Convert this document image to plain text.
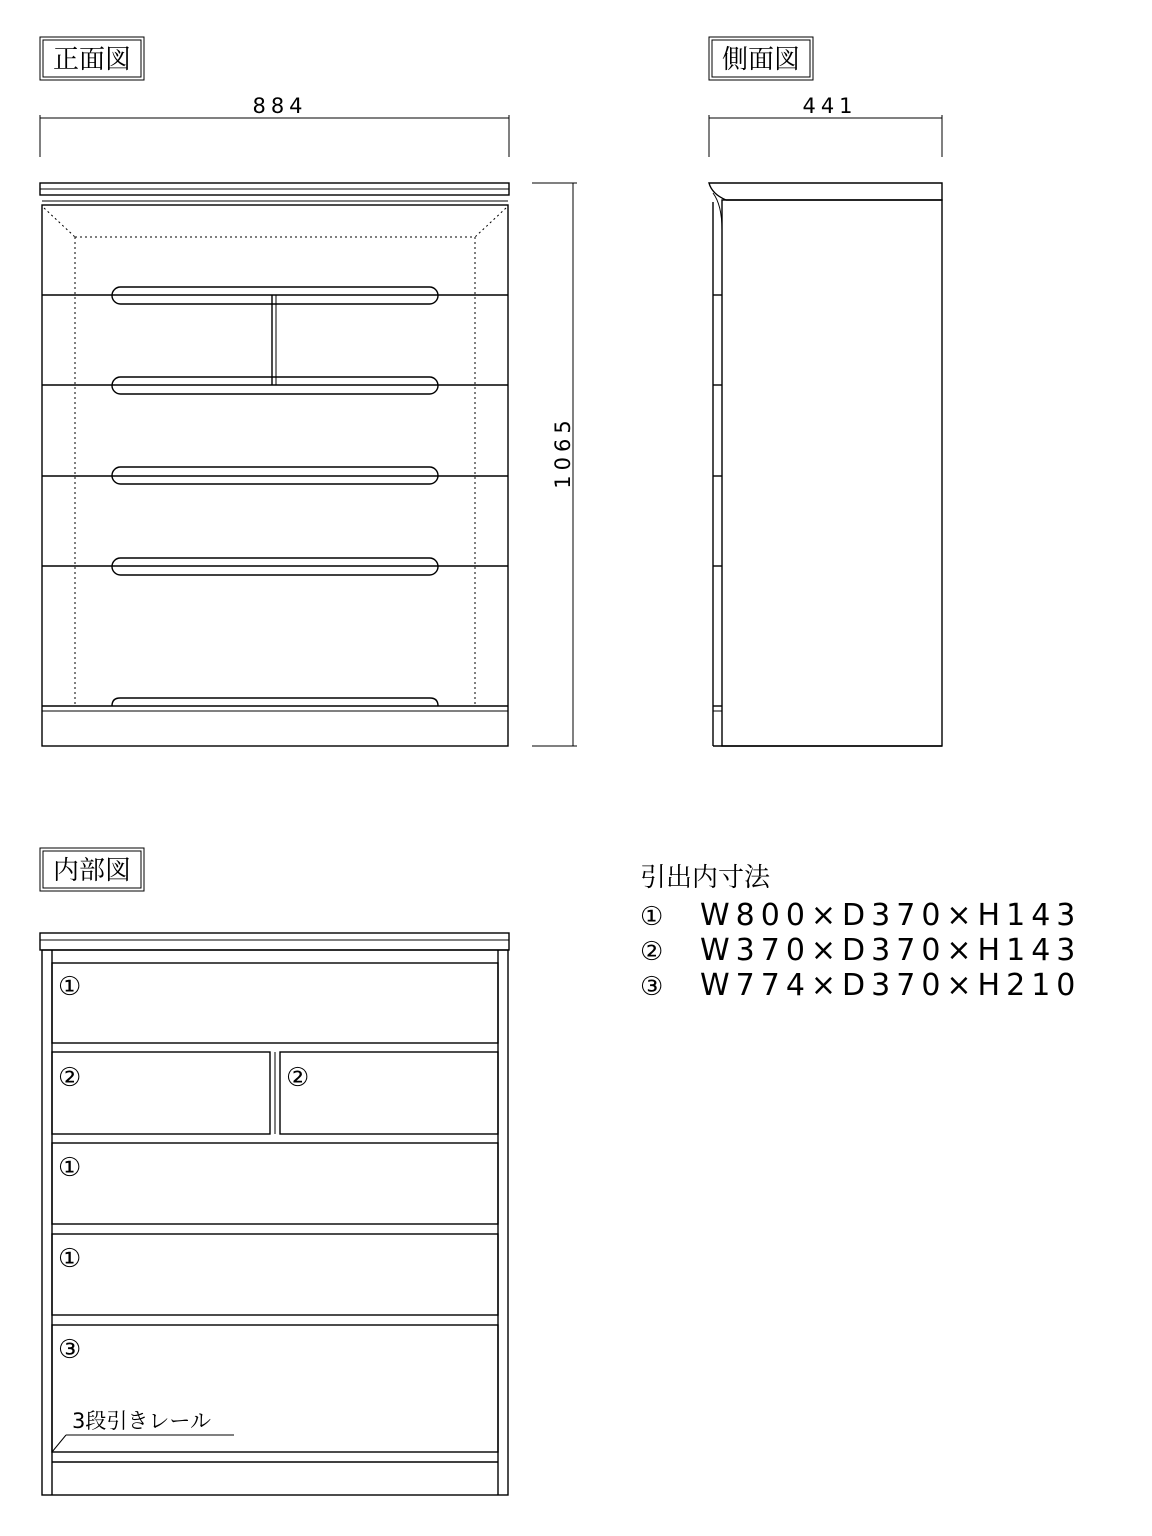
正面図
884
1065
側面図
441
内部図
①
②	②
①
①
③
3段引きレール
引出内寸法
① W800×D370×H143
② W370×D370×H143
③ W774×D370×H210
